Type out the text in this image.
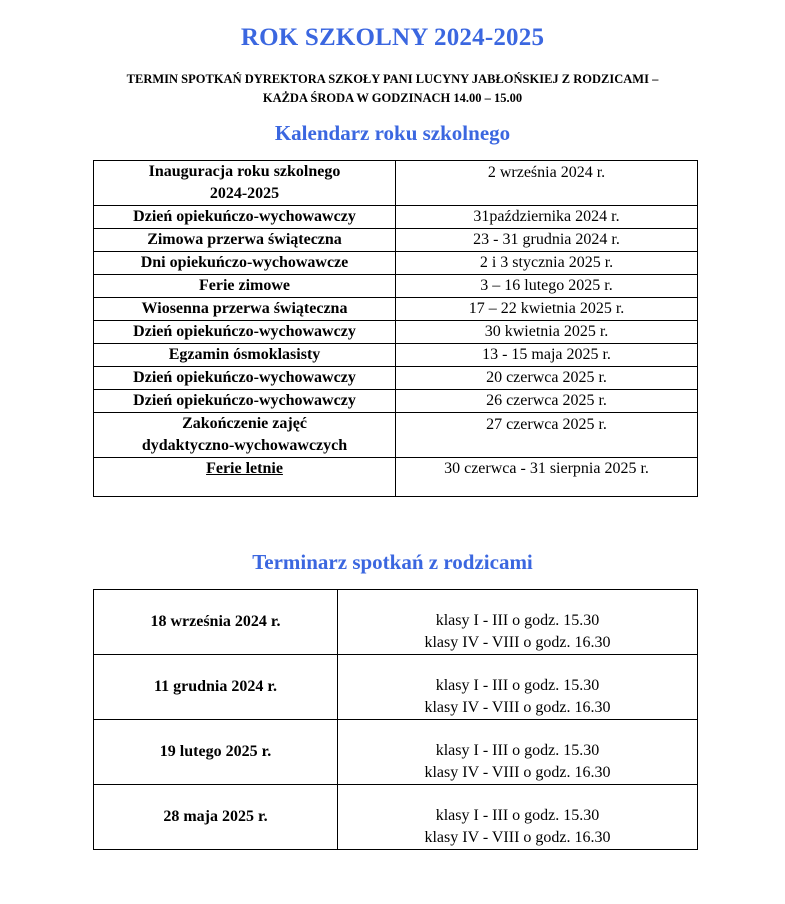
ROK SZKOLNY 2024-2025
TERMIN SPOTKAŃ DYREKTORA SZKOŁY PANI LUCYNY JABŁOŃSKIEJ Z RODZICAMI –
KAŻDA ŚRODA W GODZINACH 14.00 – 15.00
Kalendarz roku szkolnego
Inauguracja roku szkolnego
2024-2025	2 września 2024 r.

Dzień opiekuńczo-wychowawczy	31października 2024 r.

Zimowa przerwa świąteczna	23 - 31 grudnia 2024 r.

Dni opiekuńczo-wychowawcze	2 i 3 stycznia 2025 r.

Ferie zimowe	3 – 16 lutego 2025 r.

Wiosenna przerwa świąteczna	17 – 22 kwietnia 2025 r.

Dzień opiekuńczo-wychowawczy	30 kwietnia 2025 r.

Egzamin ósmoklasisty	13 - 15 maja 2025 r.

Dzień opiekuńczo-wychowawczy	20 czerwca 2025 r.

Dzień opiekuńczo-wychowawczy	26 czerwca 2025 r.

Zakończenie zajęć
dydaktyczno-wychowawczych	27 czerwca 2025 r.

Ferie letnie	30 czerwca - 31 sierpnia 2025 r.
Terminarz spotkań z rodzicami
18 września 2024 r.	klasy I - III o godz. 15.30
klasy IV - VIII o godz. 16.30

11 grudnia 2024 r.	klasy I - III o godz. 15.30
klasy IV - VIII o godz. 16.30

19 lutego 2025 r.	klasy I - III o godz. 15.30
klasy IV - VIII o godz. 16.30

28 maja 2025 r.	klasy I - III o godz. 15.30
klasy IV - VIII o godz. 16.30
